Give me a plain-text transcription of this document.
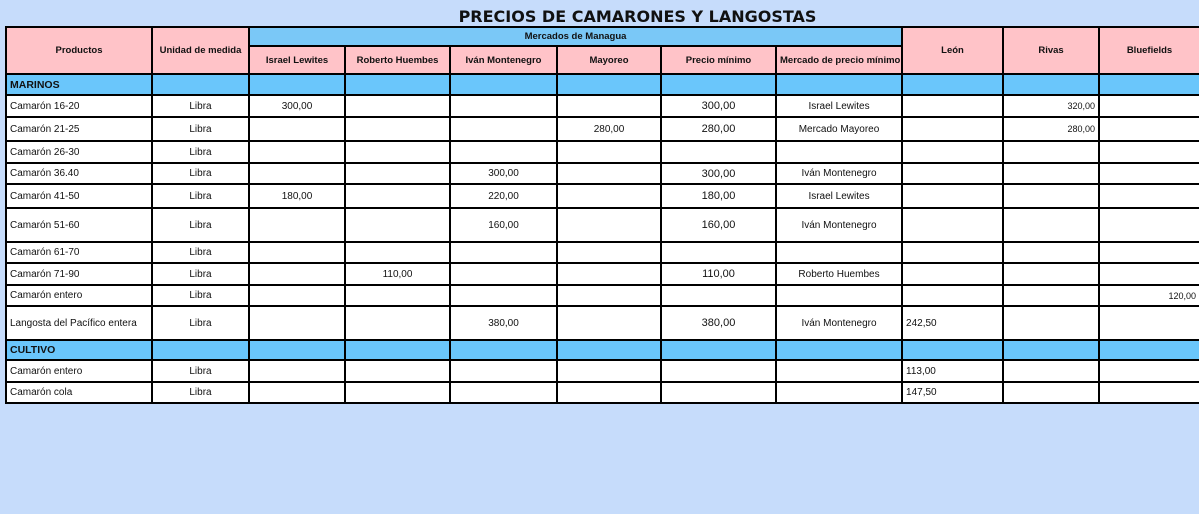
PRECIOS DE CAMARONES Y LANGOSTAS
Productos	Unidad de medida	Mercados de Managua						León	Rivas	Bluefields
		Israel Lewites	Roberto Huembes	Iván Montenegro	Mayoreo	Precio mínimo	Mercado de precio mínimo			
MARINOS										
Camarón 16-20	Libra	300,00				300,00	Israel Lewites		320,00	
Camarón 21-25	Libra				280,00	280,00	Mercado Mayoreo		280,00	
Camarón 26-30	Libra									
Camarón 36.40	Libra			300,00		300,00	Iván Montenegro			
Camarón 41-50	Libra	180,00		220,00		180,00	Israel Lewites			
Camarón 51-60	Libra			160,00		160,00	Iván Montenegro			
Camarón 61-70	Libra									
Camarón 71-90	Libra		110,00			110,00	Roberto Huembes			
Camarón entero	Libra									120,00
Langosta del Pacífico entera	Libra			380,00		380,00	Iván Montenegro	242,50		
CULTIVO										
Camarón entero	Libra							113,00		
Camarón cola	Libra							147,50		
